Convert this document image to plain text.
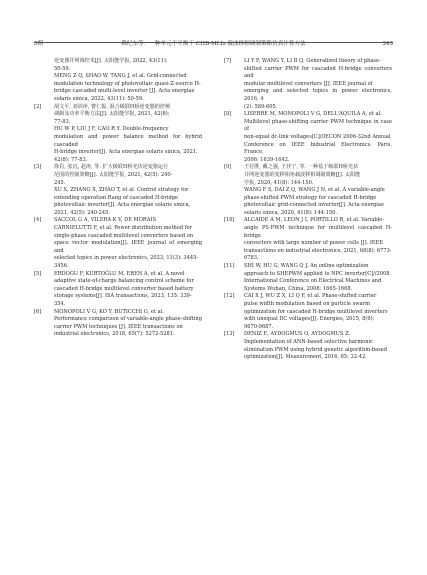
5期	赖纪东等：一种单元不平衡下 CHB-MLIs 载波移相调制策略仿真计算方法	343
逆变器并网调控术[J]. 太阳能学报, 2022, 43(11):
50-59.
MENG Z Q, SHAO W, TANG J, et al. Grid-connected
modulation technology of photovoltaic quasi-Z-source H-
bridge cascaded multi-level inverter [J]. Acta energiae
solaris sinica, 2022, 43(11): 50-59.
[2]	胡文平, 刘训萍, 曹仁振. 混合级联H桥逆变器的倍频
调制及功率平衡方法[J]. 太阳能学报, 2021, 42(8):
77-83.
HU W P, LIU J F, CAO R Y. Double-frequency
modulation and power balance method for hybrid cascaded
H-bridge inverter[J]. Acta energiae solaris sinica, 2021,
42(8): 77-83.
[3]	徐肖, 张沉, 赵涛, 等. 扩大级联H桥光伏逆变器运行
范围的控制策略[J]. 太阳能学报, 2021, 42(5): 240-
245.
XU X, ZHANG X, ZHAO T, et al. Control strategy for
extending operation Rang of cascaded H-bridge
photovoltaic inverter[J]. Acta energiae solaris sinica,
2021, 42(5): 240-245.
[4]	SACCOL G A, VILERA K V, DE MORAIS
CARNIELUTTI F, et al. Power distribution method for
single-phase cascaded multilevel converters based on
space vector modulation[J]. IEEE journal of emerging and
selected topics in power electronics, 2023, 11(3): 3445-
3456.
[5]	ERDOĞU F, KURTOĞLU M, EREN A, et al. A novel
adaptive state-of-charge balancing control scheme for
cascaded H-bridge multilevel converter based battery
storage systems[J]. ISA transactions, 2023, 135: 339-
354.
[6]	MONOPOLI V G, KO Y, BUTICCHI G, et al.
Performance comparison of variable-angle phase-shifting
carrier PWM techniques [J]. IEEE transactions on
industrial electronics, 2018, 65(7): 5272-5281.
[7]	LI Y F, WANG Y, LI B Q. Generalized theory of phase-
shifted carrier PWM for cascaded H-bridge converters and
modular multilevel converters [J]. IEEE journal of
emerging and selected topics in power electronics, 2016, 4
(2): 589-605.
[8]	LISERRE M, MONOPOLI V G, DELL'AQUILA A, et al.
Multilevel phase-shifting carrier PWM technique in case of
non-equal dc-link voltages[C]//IECON 2006-32nd Annual
Conference on IEEE Industrial Electronics. Paris, France,
2006: 1639-1642.
[9]	王付胜, 戴之强, 王佳宁, 等. 一种基于级联H桥光伏
并网逆变器的变移相角载波移相调制策略[J]. 太阳能
学报, 2020, 41(8): 144-150.
WANG F S, DAI Z Q, WANG J N, et al. A variable-angle
phase-shifted PWM strategy for cascaded H-bridge
photovoltaic grid-connected inverter[J]. Acta energiae
solaris sinica, 2020, 41(8): 144-150.
[10]	ALCAIDE A M, LEON J I, PORTILLO R, et al. Variable-
angle PS-PWM technique for multilevel cascaded H-bridge
converters with large number of power cells [J]. IEEE
transactions on industrial electronics, 2021, 68(8): 6773-
6783.
[11]	SHI W, HU G, WANG Q J. An online optimization
approach to SHEPWM applied to NPC inverter[C]//2008
International Conference on Electrical Machines and
Systems Wuhan, China, 2008: 1665-1668.
[12]	CAI X J, WU Z X, LI Q F, et al. Phase-shifted carrier
pulse width modulation based on particle swarm
optimization for cascaded H-bridge multilevel inverters
with unequal DC voltages[J]. Energies, 2015, 8(9):
9670-9687.
[13]	DENIZ E, AYDOGMUS O, AYDOGMUS Z.
Implementation of ANN-based selective harmonic
elimination PWM using hybrid genetic algorithm-based
optimization[J]. Measurement, 2016, 85: 32-42.
